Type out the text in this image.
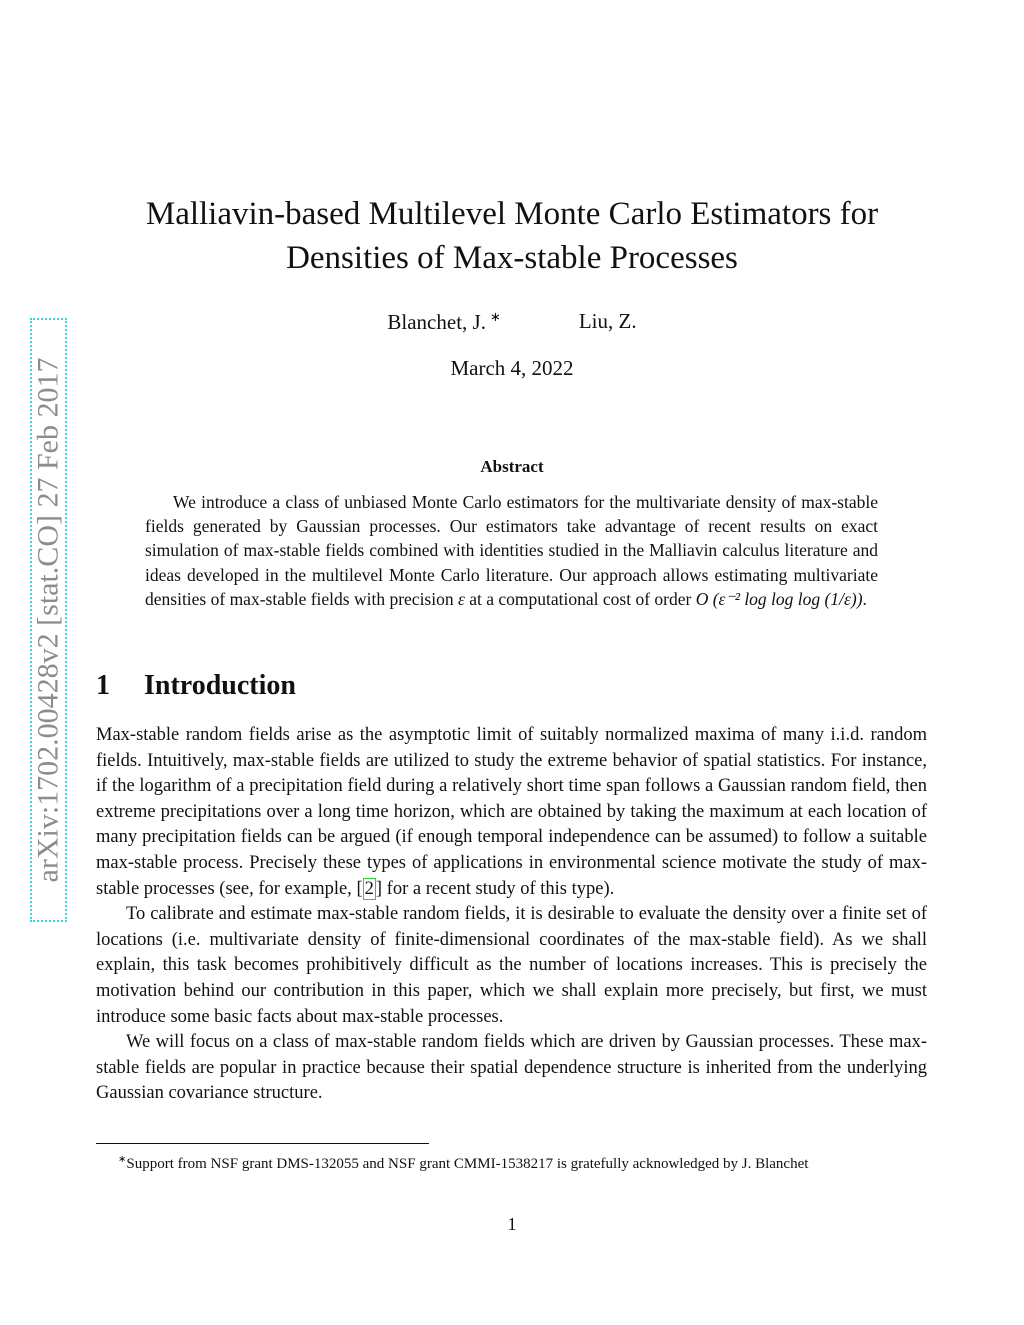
arXiv:1702.00428v2 [stat.CO] 27 Feb 2017
Malliavin-based Multilevel Monte Carlo Estimators for
Densities of Max-stable Processes
Blanchet, J. ∗	Liu, Z.
March 4, 2022
Abstract
We introduce a class of unbiased Monte Carlo estimators for the multivariate density of max-stable fields generated by Gaussian processes. Our estimators take advantage of recent results on exact simulation of max-stable fields combined with identities studied in the Malliavin calculus literature and ideas developed in the multilevel Monte Carlo literature. Our approach allows estimating multivariate densities of max-stable fields with precision ε at a computational cost of order O (ε⁻² log log log (1/ε)).
1 Introduction

Max-stable random fields arise as the asymptotic limit of suitably normalized maxima of many i.i.d. random fields. Intuitively, max-stable fields are utilized to study the extreme behavior of spatial statistics. For instance, if the logarithm of a precipitation field during a relatively short time span follows a Gaussian random field, then extreme precipitations over a long time horizon, which are obtained by taking the maximum at each location of many precipitation fields can be argued (if enough temporal independence can be assumed) to follow a suitable max-stable process. Precisely these types of applications in environmental science motivate the study of max-stable processes (see, for example, [ 2 ] for a recent study of this type).

To calibrate and estimate max-stable random fields, it is desirable to evaluate the density over a finite set of locations (i.e. multivariate density of finite-dimensional coordinates of the max-stable field). As we shall explain, this task becomes prohibitively difficult as the number of locations increases. This is precisely the motivation behind our contribution in this paper, which we shall explain more precisely, but first, we must introduce some basic facts about max-stable processes.

We will focus on a class of max-stable random fields which are driven by Gaussian processes. These max-stable fields are popular in practice because their spatial dependence structure is inherited from the underlying Gaussian covariance structure.

∗Support from NSF grant DMS-132055 and NSF grant CMMI-1538217 is gratefully acknowledged by J. Blanchet
1
